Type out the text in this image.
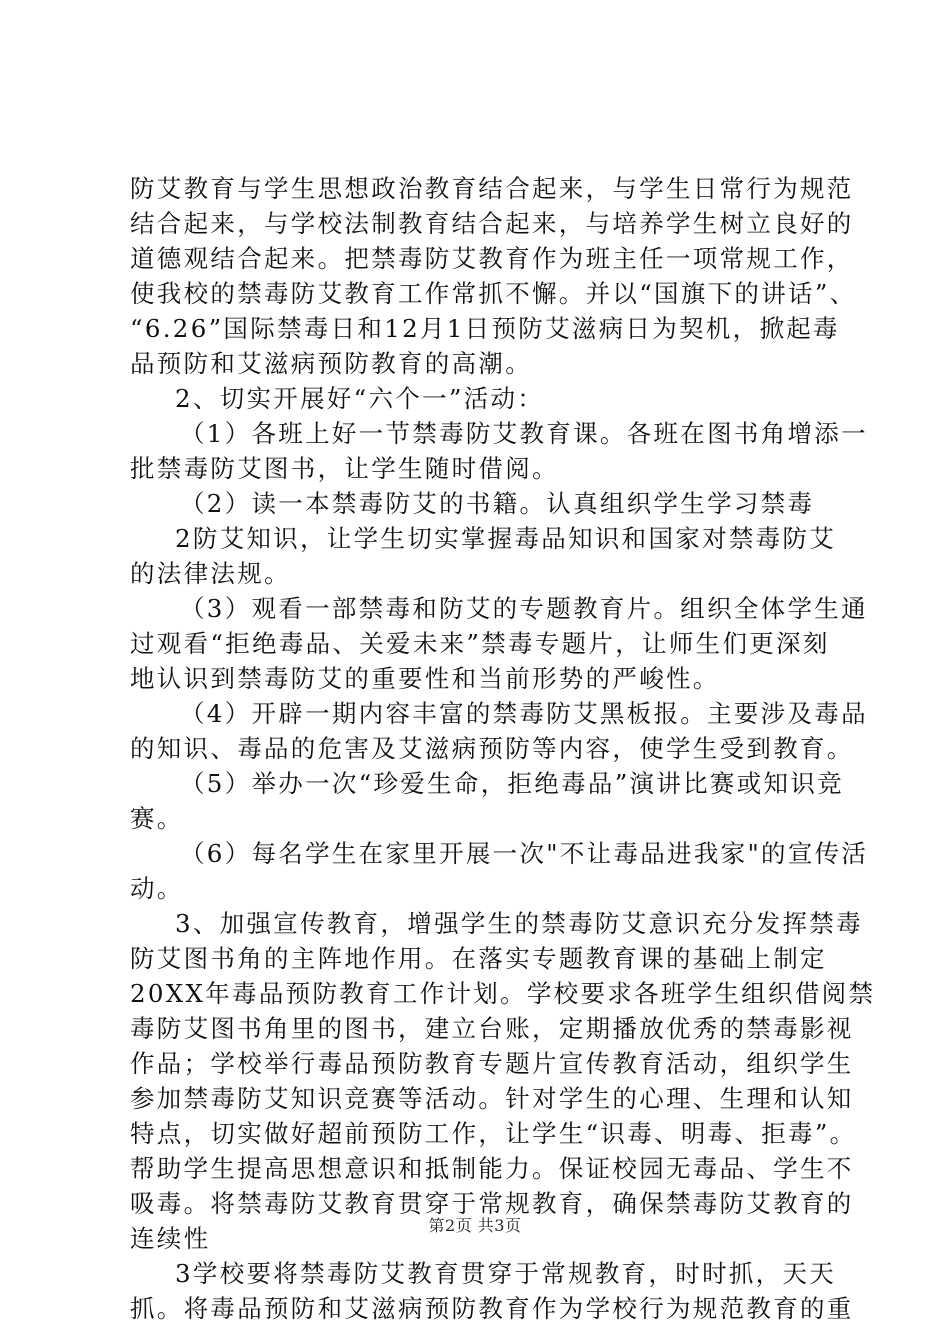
防艾教育与学生思想政治教育结合起来，与学生日常行为规范
结合起来，与学校法制教育结合起来，与培养学生树立良好的
道德观结合起来。把禁毒防艾教育作为班主任一项常规工作，
使我校的禁毒防艾教育工作常抓不懈。并以“国旗下的讲话”、
“6.26”国际禁毒日和12月1日预防艾滋病日为契机，掀起毒
品预防和艾滋病预防教育的高潮。
2、切实开展好“六个一”活动：
（1）各班上好一节禁毒防艾教育课。各班在图书角增添一
批禁毒防艾图书，让学生随时借阅。
（2）读一本禁毒防艾的书籍。认真组织学生学习禁毒
2防艾知识，让学生切实掌握毒品知识和国家对禁毒防艾
的法律法规。
（3）观看一部禁毒和防艾的专题教育片。组织全体学生通
过观看“拒绝毒品、关爱未来”禁毒专题片，让师生们更深刻
地认识到禁毒防艾的重要性和当前形势的严峻性。
（4）开辟一期内容丰富的禁毒防艾黑板报。主要涉及毒品
的知识、毒品的危害及艾滋病预防等内容，使学生受到教育。
（5）举办一次“珍爱生命，拒绝毒品”演讲比赛或知识竞
赛。
（6）每名学生在家里开展一次"不让毒品进我家"的宣传活
动。
3、加强宣传教育，增强学生的禁毒防艾意识充分发挥禁毒
防艾图书角的主阵地作用。在落实专题教育课的基础上制定
20XX年毒品预防教育工作计划。学校要求各班学生组织借阅禁
毒防艾图书角里的图书，建立台账，定期播放优秀的禁毒影视
作品；学校举行毒品预防教育专题片宣传教育活动，组织学生
参加禁毒防艾知识竞赛等活动。针对学生的心理、生理和认知
特点，切实做好超前预防工作，让学生“识毒、明毒、拒毒”。
帮助学生提高思想意识和抵制能力。保证校园无毒品、学生不
吸毒。将禁毒防艾教育贯穿于常规教育，确保禁毒防艾教育的
连续性
3学校要将禁毒防艾教育贯穿于常规教育，时时抓，天天
抓。将毒品预防和艾滋病预防教育作为学校行为规范教育的重
第2页 共3页
